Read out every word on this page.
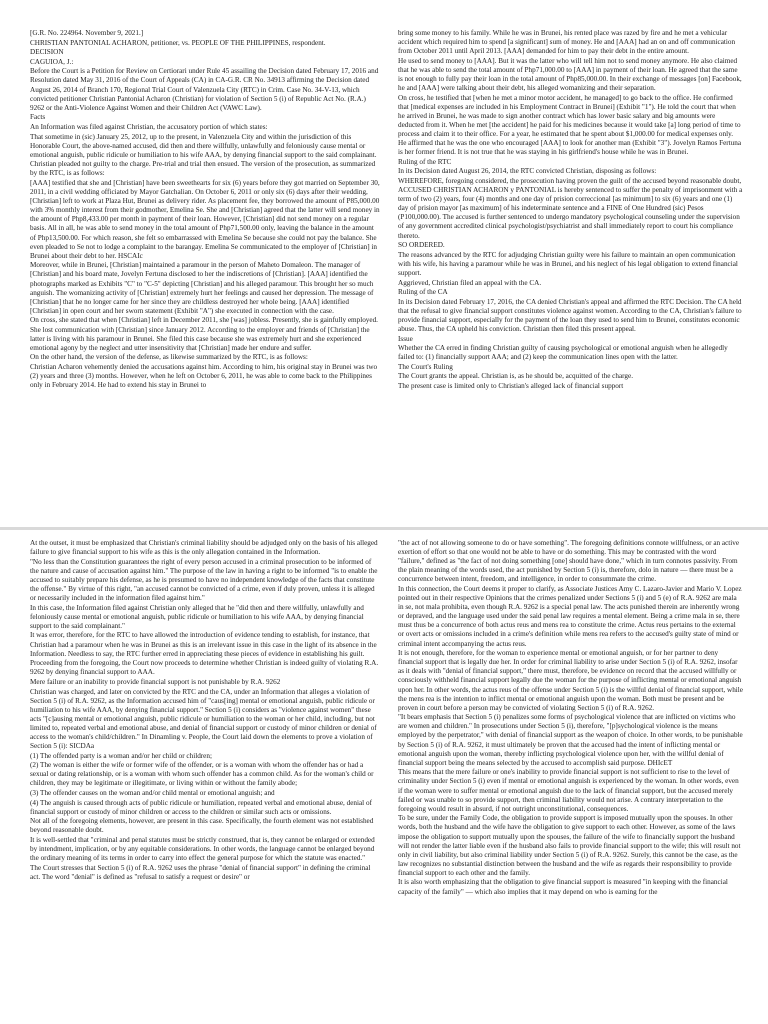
[G.R. No. 224964. November 9, 2021.]

CHRISTIAN PANTONIAL ACHARON, petitioner, vs. PEOPLE OF THE PHILIPPINES, respondent.

DECISION

CAGUIOA, J.:

Before the Court is a Petition for Review on Certiorari under Rule 45 assailing the Decision dated February 17, 2016 and Resolution dated May 31, 2016 of the Court of Appeals (CA) in CA-G.R. CR No. 34913 affirming the Decision dated August 26, 2014 of Branch 170, Regional Trial Court of Valenzuela City (RTC) in Crim. Case No. 34-V-13, which convicted petitioner Christian Pantonial Acharon (Christian) for violation of Section 5 (i) of Republic Act No. (R.A.) 9262 or the Anti-Violence Against Women and their Children Act (VAWC Law).

Facts

An Information was filed against Christian, the accusatory portion of which states:

That sometime in (sic) January 25, 2012, up to the present, in Valenzuela City and within the jurisdiction of this Honorable Court, the above-named accused, did then and there willfully, unlawfully and feloniously cause mental or emotional anguish, public ridicule or humiliation to his wife AAA, by denying financial support to the said complainant.

Christian pleaded not guilty to the charge. Pre-trial and trial then ensued. The version of the prosecution, as summarized by the RTC, is as follows:

[AAA] testified that she and [Christian] have been sweethearts for six (6) years before they got married on September 30, 2011, in a civil wedding officiated by Mayor Gatchalian. On October 6, 2011 or only six (6) days after their wedding, [Christian] left to work at Plaza Hut, Brunei as delivery rider. As placement fee, they borrowed the amount of P85,000.00 with 3% monthly interest from their godmother, Emelina Se. She and [Christian] agreed that the latter will send money in the amount of Php8,433.00 per month in payment of their loan. However, [Christian] did not send money on a regular basis. All in all, he was able to send money in the total amount of Php71,500.00 only, leaving the balance in the amount of Php13,500.00. For which reason, she felt so embarrassed with Emelina Se because she could not pay the balance. She even pleaded to Se not to lodge a complaint to the barangay. Emelina Se communicated to the employer of [Christian] in Brunei about their debt to her. HSCAIc

Moreover, while in Brunei, [Christian] maintained a paramour in the person of Maheto Domaleon. The manager of [Christian] and his board mate, Jovelyn Fertuna disclosed to her the indiscretions of [Christian]. [AAA] identified the photographs marked as Exhibits "C" to "C-5" depicting [Christian] and his alleged paramour. This brought her so much anguish. The womanizing activity of [Christian] extremely hurt her feelings and caused her depression. The message of [Christian] that he no longer came for her since they are childless destroyed her whole being. [AAA] identified [Christian] in open court and her sworn statement (Exhibit "A") she executed in connection with the case.

On cross, she stated that when [Christian] left in December 2011, she [was] jobless. Presently, she is gainfully employed. She lost communication with [Christian] since January 2012. According to the employer and friends of [Christian] the latter is living with his paramour in Brunei. She filed this case because she was extremely hurt and she experienced emotional agony by the neglect and utter insensitivity that [Christian] made her endure and suffer.

On the other hand, the version of the defense, as likewise summarized by the RTC, is as follows:

Christian Acharon vehemently denied the accusations against him. According to him, his original stay in Brunei was two (2) years and three (3) months. However, when he left on October 6, 2011, he was able to come back to the Philippines only in February 2014. He had to extend his stay in Brunei to

bring some money to his family. While he was in Brunei, his rented place was razed by fire and he met a vehicular accident which required him to spend [a significant] sum of money. He and [AAA] had an on and off communication from October 2011 until April 2013. [AAA] demanded for him to pay their debt in the entire amount.

He used to send money to [AAA]. But it was the latter who will tell him not to send money anymore. He also claimed that he was able to send the total amount of Php71,000.00 to [AAA] in payment of their loan. He agreed that the same is not enough to fully pay their loan in the total amount of Php85,000.00. In their exchange of messages [on] Facebook, he and [AAA] were talking about their debt, his alleged womanizing and their separation.

On cross, he testified that [when he met a minor motor accident, he managed] to go back to the office. He confirmed that [medical expenses are included in his Employment Contract in Brunei] (Exhibit "1"). He told the court that when he arrived in Brunei, he was made to sign another contract which has lower basic salary and big amounts were deducted from it. When he met [the accident] he paid for his medicines because it would take [a] long period of time to process and claim it to their office. For a year, he estimated that he spent about $1,000.00 for medical expenses only. He affirmed that he was the one who encouraged [AAA] to look for another man (Exhibit "3"). Jovelyn Ramos Fertuna is her former friend. It is not true that he was staying in his girlfriend's house while he was in Brunei.

Ruling of the RTC

In its Decision dated August 26, 2014, the RTC convicted Christian, disposing as follows:

WHEREFORE, foregoing considered, the prosecution having proven the guilt of the accused beyond reasonable doubt, ACCUSED CHRISTIAN ACHARON y PANTONIAL is hereby sentenced to suffer the penalty of imprisonment with a term of two (2) years, four (4) months and one day of prision correccional [as minimum] to six (6) years and one (1) day of prision mayor [as maximum] of his indeterminate sentence and a FINE of One Hundred (sic) Pesos (P100,000.00). The accused is further sentenced to undergo mandatory psychological counseling under the supervision of any government accredited clinical psychologist/psychiatrist and shall immediately report to court his compliance thereto.

SO ORDERED.

The reasons advanced by the RTC for adjudging Christian guilty were his failure to maintain an open communication with his wife, his having a paramour while he was in Brunei, and his neglect of his legal obligation to extend financial support.

Aggrieved, Christian filed an appeal with the CA.

Ruling of the CA

In its Decision dated February 17, 2016, the CA denied Christian's appeal and affirmed the RTC Decision. The CA held that the refusal to give financial support constitutes violence against women. According to the CA, Christian's failure to provide financial support, especially for the payment of the loan they used to send him to Brunei, constitutes economic abuse. Thus, the CA upheld his conviction. Christian then filed this present appeal.

Issue

Whether the CA erred in finding Christian guilty of causing psychological or emotional anguish when he allegedly failed to: (1) financially support AAA; and (2) keep the communication lines open with the latter.

The Court's Ruling

The Court grants the appeal. Christian is, as he should be, acquitted of the charge.

The present case is limited only to Christian's alleged lack of financial support

At the outset, it must be emphasized that Christian's criminal liability should be adjudged only on the basis of his alleged failure to give financial support to his wife as this is the only allegation contained in the Information.

"No less than the Constitution guarantees the right of every person accused in a criminal prosecution to be informed of the nature and cause of accusation against him." The purpose of the law in having a right to be informed "is to enable the accused to suitably prepare his defense, as he is presumed to have no independent knowledge of the facts that constitute the offense." By virtue of this right, "an accused cannot be convicted of a crime, even if duly proven, unless it is alleged or necessarily included in the information filed against him."

In this case, the Information filed against Christian only alleged that he "did then and there willfully, unlawfully and feloniously cause mental or emotional anguish, public ridicule or humiliation to his wife AAA, by denying financial support to the said complainant."

It was error, therefore, for the RTC to have allowed the introduction of evidence tending to establish, for instance, that Christian had a paramour when he was in Brunei as this is an irrelevant issue in this case in the light of its absence in the Information. Needless to say, the RTC further erred in appreciating these pieces of evidence in establishing his guilt.

Proceeding from the foregoing, the Court now proceeds to determine whether Christian is indeed guilty of violating R.A. 9262 by denying financial support to AAA.

Mere failure or an inability to provide financial support is not punishable by R.A. 9262

Christian was charged, and later on convicted by the RTC and the CA, under an Information that alleges a violation of Section 5 (i) of R.A. 9262, as the Information accused him of "caus[ing] mental or emotional anguish, public ridicule or humiliation to his wife AAA, by denying financial support." Section 5 (i) considers as "violence against women" these acts "[c]ausing mental or emotional anguish, public ridicule or humiliation to the woman or her child, including, but not limited to, repeated verbal and emotional abuse, and denial of financial support or custody of minor children or denial of access to the woman's child/children." In Dinamling v. People, the Court laid down the elements to prove a violation of Section 5 (i): SICDAa

(1) The offended party is a woman and/or her child or children;

(2) The woman is either the wife or former wife of the offender, or is a woman with whom the offender has or had a sexual or dating relationship, or is a woman with whom such offender has a common child. As for the woman's child or children, they may be legitimate or illegitimate, or living within or without the family abode;

(3) The offender causes on the woman and/or child mental or emotional anguish; and

(4) The anguish is caused through acts of public ridicule or humiliation, repeated verbal and emotional abuse, denial of financial support or custody of minor children or access to the children or similar such acts or omissions.

Not all of the foregoing elements, however, are present in this case. Specifically, the fourth element was not established beyond reasonable doubt.

It is well-settled that "criminal and penal statutes must be strictly construed, that is, they cannot be enlarged or extended by intendment, implication, or by any equitable considerations. In other words, the language cannot be enlarged beyond the ordinary meaning of its terms in order to carry into effect the general purpose for which the statute was enacted."

The Court stresses that Section 5 (i) of R.A. 9262 uses the phrase "denial of financial support" in defining the criminal act. The word "denial" is defined as "refusal to satisfy a request or desire" or

"the act of not allowing someone to do or have something". The foregoing definitions connote willfulness, or an active exertion of effort so that one would not be able to have or do something. This may be contrasted with the word "failure," defined as "the fact of not doing something [one] should have done," which in turn connotes passivity. From the plain meaning of the words used, the act punished by Section 5 (i) is, therefore, dolo in nature — there must be a concurrence between intent, freedom, and intelligence, in order to consummate the crime.

In this connection, the Court deems it proper to clarify, as Associate Justices Amy C. Lazaro-Javier and Mario V. Lopez pointed out in their respective Opinions that the crimes penalized under Sections 5 (i) and 5 (e) of R.A. 9262 are mala in se, not mala prohibita, even though R.A. 9262 is a special penal law. The acts punished therein are inherently wrong or depraved, and the language used under the said penal law requires a mental element. Being a crime mala in se, there must thus be a concurrence of both actus reus and mens rea to constitute the crime. Actus reus pertains to the external or overt acts or omissions included in a crime's definition while mens rea refers to the accused's guilty state of mind or criminal intent accompanying the actus reus.

It is not enough, therefore, for the woman to experience mental or emotional anguish, or for her partner to deny financial support that is legally due her. In order for criminal liability to arise under Section 5 (i) of R.A. 9262, insofar as it deals with "denial of financial support," there must, therefore, be evidence on record that the accused willfully or consciously withheld financial support legally due the woman for the purpose of inflicting mental or emotional anguish upon her. In other words, the actus reus of the offense under Section 5 (i) is the willful denial of financial support, while the mens rea is the intention to inflict mental or emotional anguish upon the woman. Both must be present and be proven in court before a person may be convicted of violating Section 5 (i) of R.A. 9262.

"It bears emphasis that Section 5 (i) penalizes some forms of psychological violence that are inflicted on victims who are women and children." In prosecutions under Section 5 (i), therefore, "[p]sychological violence is the means employed by the perpetrator," with denial of financial support as the weapon of choice. In other words, to be punishable by Section 5 (i) of R.A. 9262, it must ultimately be proven that the accused had the intent of inflicting mental or emotional anguish upon the woman, thereby inflicting psychological violence upon her, with the willful denial of financial support being the means selected by the accused to accomplish said purpose. DHIcET

This means that the mere failure or one's inability to provide financial support is not sufficient to rise to the level of criminality under Section 5 (i) even if mental or emotional anguish is experienced by the woman. In other words, even if the woman were to suffer mental or emotional anguish due to the lack of financial support, but the accused merely failed or was unable to so provide support, then criminal liability would not arise. A contrary interpretation to the foregoing would result in absurd, if not outright unconstitutional, consequences.

To be sure, under the Family Code, the obligation to provide support is imposed mutually upon the spouses. In other words, both the husband and the wife have the obligation to give support to each other. However, as some of the laws impose the obligation to support mutually upon the spouses, the failure of the wife to financially support the husband will not render the latter liable even if the husband also fails to provide financial support to the wife; this will result not only in civil liability, but also criminal liability under Section 5 (i) of R.A. 9262. Surely, this cannot be the case, as the law recognizes no substantial distinction between the husband and the wife as regards their responsibility to provide financial support to each other and the family.

It is also worth emphasizing that the obligation to give financial support is measured "in keeping with the financial capacity of the family" — which also implies that it may depend on who is earning for the
